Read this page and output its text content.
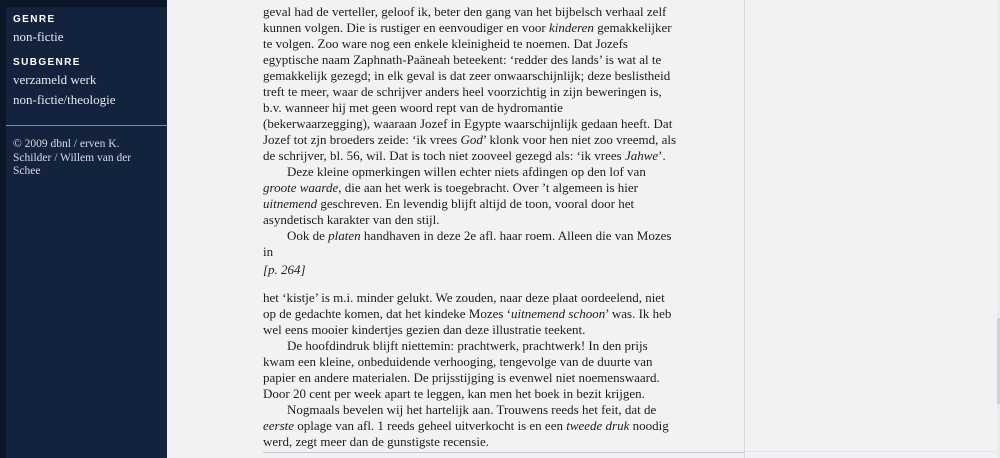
GENRE
non-fictie
SUBGENRE
verzameld werk
non-fictie/theologie

© 2009 dbnl / erven K. Schilder / Willem van der Schee

geval had de verteller, geloof ik, beter den gang van het bijbelsch verhaal zelf
kunnen volgen. Die is rustiger en eenvoudiger en voor kinderen gemakkelijker
te volgen. Zoo ware nog een enkele kleinigheid te noemen. Dat Jozefs
egyptische naam Zaphnath-Paäneah beteekent: ‘redder des lands’ is wat al te
gemakkelijk gezegd; in elk geval is dat zeer onwaarschijnlijk; deze beslistheid
treft te meer, waar de schrijver anders heel voorzichtig in zijn beweringen is,
b.v. wanneer hij met geen woord rept van de hydromantie
(bekerwaarzegging), waaraan Jozef in Egypte waarschijnlijk gedaan heeft. Dat
Jozef tot zjn broeders zeide: ‘ik vrees God’ klonk voor hen niet zoo vreemd, als
de schrijver, bl. 56, wil. Dat is toch niet zooveel gezegd als: ‘ik vrees Jahwe’.
Deze kleine opmerkingen willen echter niets afdingen op den lof van
groote waarde, die aan het werk is toegebracht. Over ’t algemeen is hier
uitnemend geschreven. En levendig blijft altijd de toon, vooral door het
asyndetisch karakter van den stijl.
Ook de platen handhaven in deze 2e afl. haar roem. Alleen die van Mozes
in
[p. 264]
het ‘kistje’ is m.i. minder gelukt. We zouden, naar deze plaat oordeelend, niet
op de gedachte komen, dat het kindeke Mozes ‘uitnemend schoon’ was. Ik heb
wel eens mooier kindertjes gezien dan deze illustratie teekent.
De hoofdindruk blijft niettemin: prachtwerk, prachtwerk! In den prijs
kwam een kleine, onbeduidende verhooging, tengevolge van de duurte van
papier en andere materialen. De prijsstijging is evenwel niet noemenswaard.
Door 20 cent per week apart te leggen, kan men het boek in bezit krijgen.
Nogmaals bevelen wij het hartelijk aan. Trouwens reeds het feit, dat de
eerste oplage van afl. 1 reeds geheel uitverkocht is en een tweede druk noodig
werd, zegt meer dan de gunstigste recensie.
